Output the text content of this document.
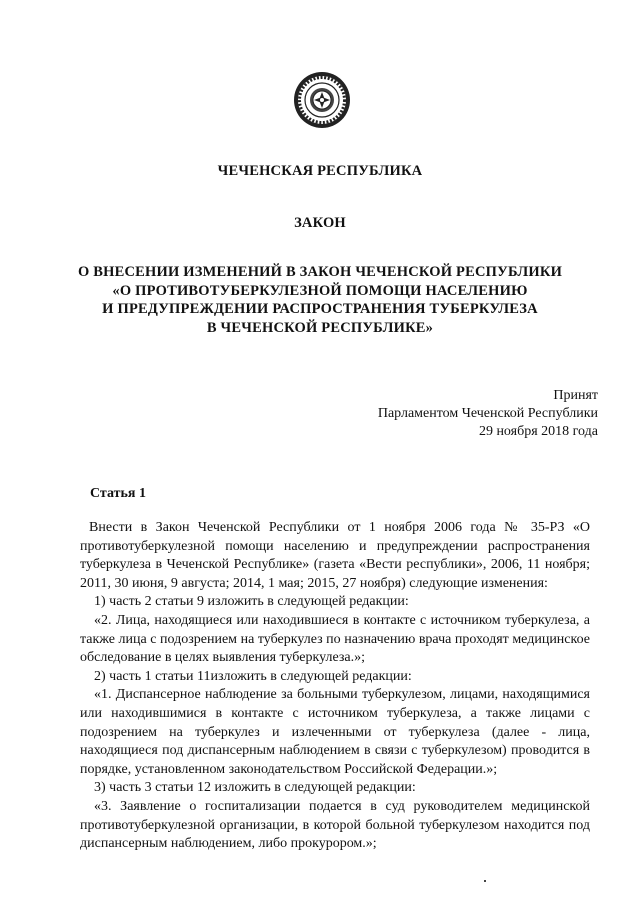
ЧЕЧЕНСКАЯ РЕСПУБЛИКА
ЗАКОН
О ВНЕСЕНИИ ИЗМЕНЕНИЙ В ЗАКОН ЧЕЧЕНСКОЙ РЕСПУБЛИКИ
«О ПРОТИВОТУБЕРКУЛЕЗНОЙ ПОМОЩИ НАСЕЛЕНИЮ
И ПРЕДУПРЕЖДЕНИИ РАСПРОСТРАНЕНИЯ ТУБЕРКУЛЕЗА
В ЧЕЧЕНСКОЙ РЕСПУБЛИКЕ»
Принят
Парламентом Чеченской Республики
29 ноября 2018 года
Статья 1

Внести в Закон Чеченской Республики от 1 ноября 2006 года № 35-РЗ «О противотуберкулезной помощи населению и предупреждении распространения туберкулеза в Чеченской Республике» (газета «Вести республики», 2006, 11 ноября; 2011, 30 июня, 9 августа; 2014, 1 мая; 2015, 27 ноября) следующие изменения:

1) часть 2 статьи 9 изложить в следующей редакции:

«2. Лица, находящиеся или находившиеся в контакте с источником туберкулеза, а также лица с подозрением на туберкулез по назначению врача проходят медицинское обследование в целях выявления туберкулеза.»;

2) часть 1 статьи 11изложить в следующей редакции:

«1. Диспансерное наблюдение за больными туберкулезом, лицами, находящимися или находившимися в контакте с источником туберкулеза, а также лицами с подозрением на туберкулез и излеченными от туберкулеза (далее - лица, находящиеся под диспансерным наблюдением в связи с туберкулезом) проводится в порядке, установленном законодательством Российской Федерации.»;

3) часть 3 статьи 12 изложить в следующей редакции:

«3. Заявление о госпитализации подается в суд руководителем медицинской противотуберкулезной организации, в которой больной туберкулезом находится под диспансерным наблюдением, либо прокурором.»;
